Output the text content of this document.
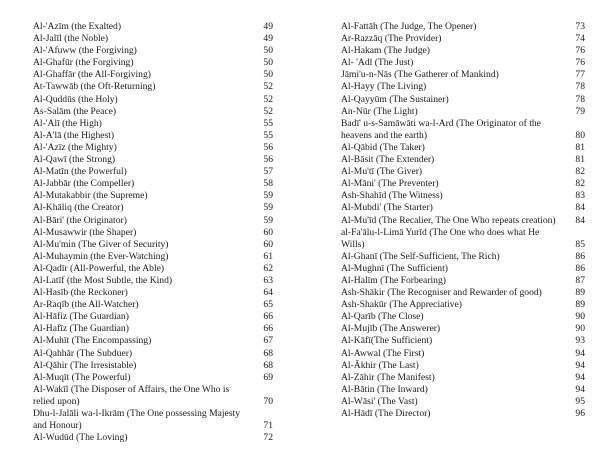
Al-'Azīm (the Exalted)	49
Al-Jalīl (the Noble)	49
Al-'Afuww (the Forgiving)	50
Al-Ghafūr (the Forgiving)	50
Al-Ghaffār (the All-Forgiving)	50
At-Tawwāb (the Oft-Returning)	52
Al-Quddūs (the Holy)	52
As-Salām (the Peace)	52
Al-'Alī (the High)	55
Al-A'lā (the Highest)	55
Al-'Azīz (the Mighty)	56
Al-Qawī (the Strong)	56
Al-Matīn (the Powerful)	57
Al-Jabbār (the Compeller)	58
Al-Mutakabbir (the Supreme)	59
Al-Khāliq (the Creator)	59
Al-Bāri' (the Originator)	59
Al-Musawwir (the Shaper)	60
Al-Mu'min (The Giver of Security)	60
Al-Muhaymin (the Ever-Watching)	61
Al-Qadīr (All-Powerful, the Able)	62
Al-Latīf (the Most Subtle, the Kind)	63
Al-Hasīb (the Reckoner)	64
Ar-Raqīb (the All-Watcher)	65
Al-Hāfiz (The Guardian)	66
Al-Hafīz (The Guardian)	66
Al-Muhīt (The Encompassing)	67
Al-Qahhār (The Subduer)	68
Al-Qāhir (The Irresistable)	68
Al-Muqīt (The Powerful)	69
Al-Wakīl (The Disposer of Affairs, the One Who is relied upon)	70
Dhu-l-Jalāli wa-l-Ikrām (The One possessing Majesty and Honour)	71
Al-Wudūd (The Loving)	72
Al-Fattāh (The Judge, The Opener)	73
Ar-Razzāq (The Provider)	74
Al-Hakam (The Judge)	76
Al- 'Adl (The Just)	76
Jāmi'u-n-Nās (The Gatherer of Mankind)	77
Al-Hayy (The Living)	78
Al-Qayyūm (The Sustainer)	78
An-Nūr (The Light)	79
Badī' u-s-Samāwāti wa-l-Ard (The Originator of the heavens and the earth)	80
Al-Qābid (The Taker)	81
Al-Bāsit (The Extender)	81
Al-Mu'tī (The Giver)	82
Al-Māni' (The Preventer)	82
Ash-Shahīd (The Witness)	83
Al-Mubdi' (The Starter)	84
Al-Mu'īd (The Recalier, The One Who repeats creation)	84
al-Fa'ālu-l-Limā Yurīd (The One who does what He Wills)	85
Al-Ghanī (The Self-Sufficient, The Rich)	86
Al-Mughnī (The Sufficient)	86
Al-Halīm (The Forbearing)	87
Ash-Shākir (The Recogniser and Rewarder of good)	89
Ash-Shakūr (The Appreciative)	89
Al-Qarīb (The Close)	90
Al-Mujīb (The Answerer)	90
Al-Kāfī(The Sufficient)	93
Al-Awwal (The First)	94
Al-Ākhir (The Last)	94
Al-Zāhir (The Manifest)	94
Al-Bātin (The Inward)	94
Al-Wāsi' (The Vast)	95
Al-Hādī (The Director)	96
